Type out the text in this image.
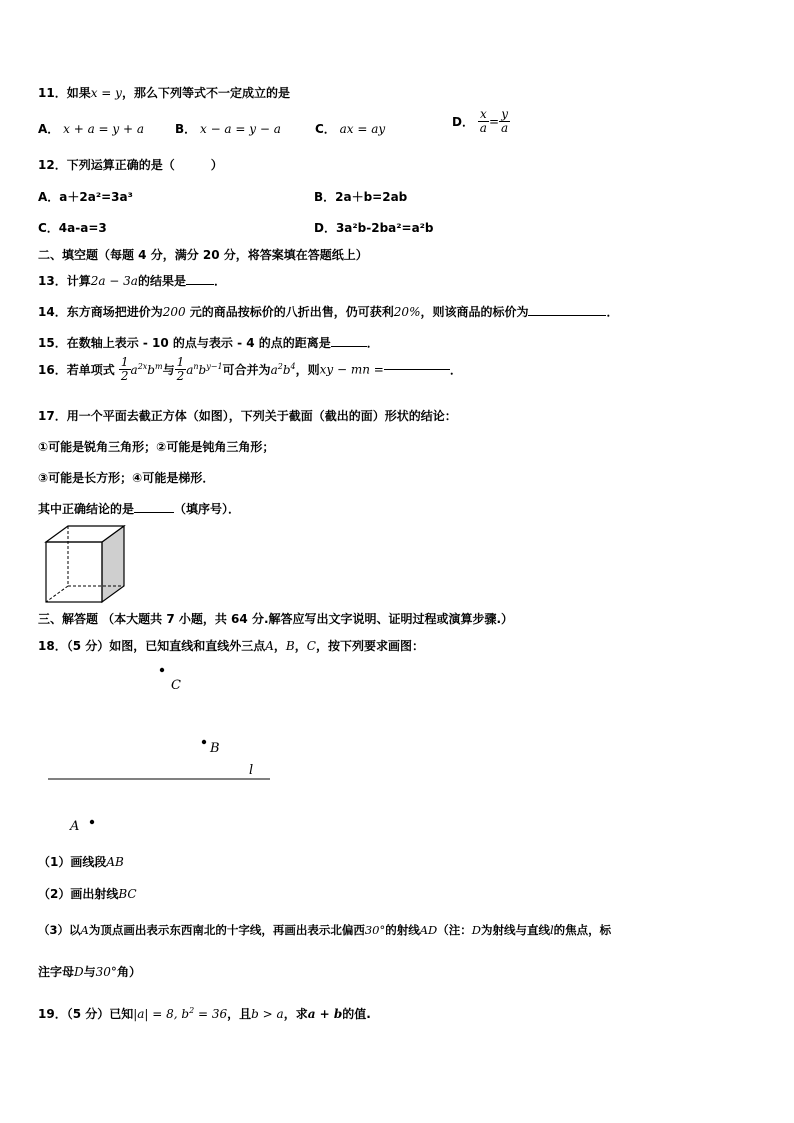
11．如果x = y，那么下列等式不一定成立的是
A． x + a = y + a	B． x − a = y − a	C． ax = ay	D． $\frac{x}{a} = \frac{y}{a}$
12．下列运算正确的是（　　　）
A．a＋2a²=3a³	B．2a＋b=2ab
C．4a-a=3	D．3a²b-2ba²=a²b
二、填空题（每题 4 分，满分 20 分，将答案填在答题纸上）
13．计算2a − 3a的结果是 ．
14．东方商场把进价为200 元的商品按标价的八折出售，仍可获利20%，则该商品的标价为	．
15．在数轴上表示 - 10 的点与表示 - 4 的点的距离是	．
16．若单项式 $\frac{1}{2} a^{2x}b^m$与 $\frac{1}{2} a^nb^{y-1}$可合并为$a^2b^4$，则xy − mn =	．
17．用一个平面去截正方体（如图），下列关于截面（截出的面）形状的结论：
①可能是锐角三角形；②可能是钝角三角形；
③可能是长方形；④可能是梯形．
其中正确结论的是	（填序号）．
三、解答题 （本大题共 7 小题，共 64 分.解答应写出文字说明、证明过程或演算步骤.）
18．（5 分）如图，已知直线和直线外三点A，B，C，按下列要求画图：
C
B
l
A
（1）画线段AB
（2）画出射线BC
（3）以A为顶点画出表示东西南北的十字线，再画出表示北偏西30°的射线AD（注：D为射线与直线l的焦点，标
注字母D与30°角）
19．（5 分）已知|a| = 8, $b^2 = 36$，且b > a，求a + b的值.
